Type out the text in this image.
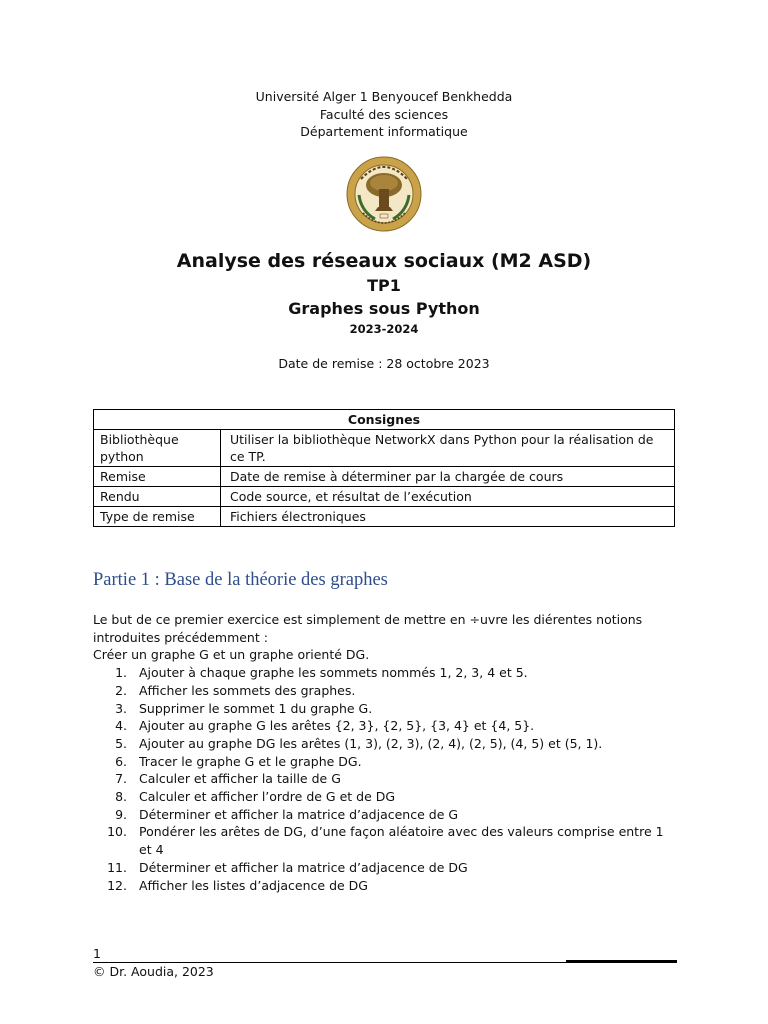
Université Alger 1 Benyoucef Benkhedda
Faculté des sciences
Département informatique
Analyse des réseaux sociaux (M2 ASD)
TP1
Graphes sous Python
2023-2024
Date de remise : 28 octobre 2023
Consignes	
Bibliothèque python	Utiliser la bibliothèque NetworkX dans Python pour la réalisation de ce TP.
Remise	Date de remise à déterminer par la chargée de cours
Rendu	Code source, et résultat de l’exécution
Type de remise	Fichiers électroniques
Partie 1 : Base de la théorie des graphes

Le but de ce premier exercice est simplement de mettre en ÷uvre les diérentes notions introduites précédemment :

Créer un graphe G et un graphe orienté DG.

1. Ajouter à chaque graphe les sommets nommés 1, 2, 3, 4 et 5.
2. Afficher les sommets des graphes.
3. Supprimer le sommet 1 du graphe G.
4. Ajouter au graphe G les arêtes {2, 3}, {2, 5}, {3, 4} et {4, 5}.
5. Ajouter au graphe DG les arêtes (1, 3), (2, 3), (2, 4), (2, 5), (4, 5) et (5, 1).
6. Tracer le graphe G et le graphe DG.
7. Calculer et afficher la taille de G
8. Calculer et afficher l’ordre de G et de DG
9. Déterminer et afficher la matrice d’adjacence de G
10. Pondérer les arêtes de DG, d’une façon aléatoire avec des valeurs comprise entre 1 et 4
11. Déterminer et afficher la matrice d’adjacence de DG
12. Afficher les listes d’adjacence de DG
1
© Dr. Aoudia, 2023
